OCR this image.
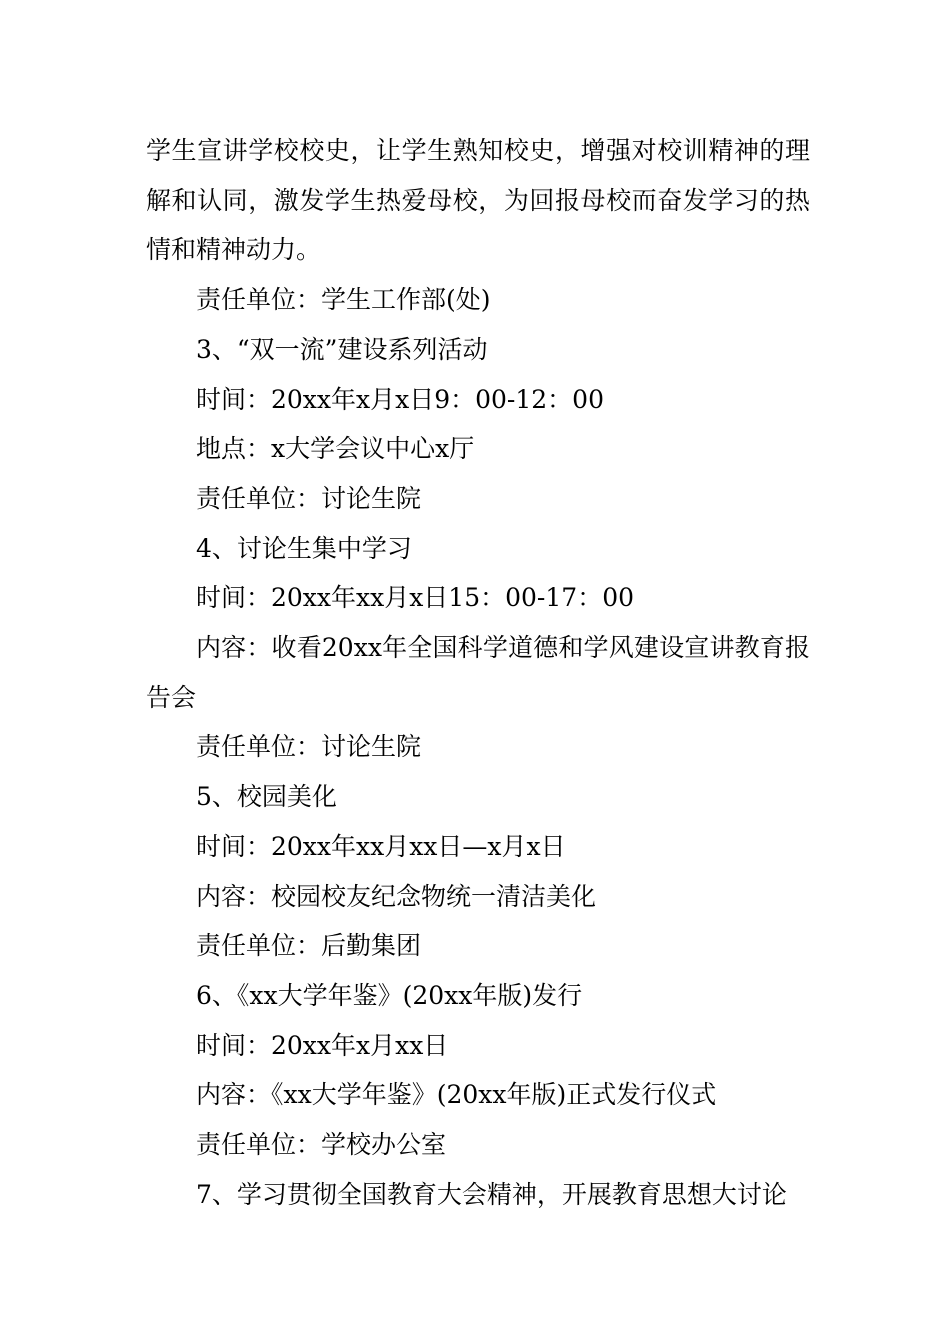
学生宣讲学校校史，让学生熟知校史，增强对校训精神的理解和认同，激发学生热爱母校，为回报母校而奋发学习的热情和精神动力。

责任单位：学生工作部(处)

3、“双一流”建设系列活动

时间：20xx年x月x日9：00-12：00

地点：x大学会议中心x厅

责任单位：讨论生院

4、讨论生集中学习

时间：20xx年xx月x日15：00-17：00

内容：收看20xx年全国科学道德和学风建设宣讲教育报告会

责任单位：讨论生院

5、校园美化

时间：20xx年xx月xx日—x月x日

内容：校园校友纪念物统一清洁美化

责任单位：后勤集团

6、《xx大学年鉴》(20xx年版)发行

时间：20xx年x月xx日

内容：《xx大学年鉴》(20xx年版)正式发行仪式

责任单位：学校办公室

7、学习贯彻全国教育大会精神，开展教育思想大讨论
